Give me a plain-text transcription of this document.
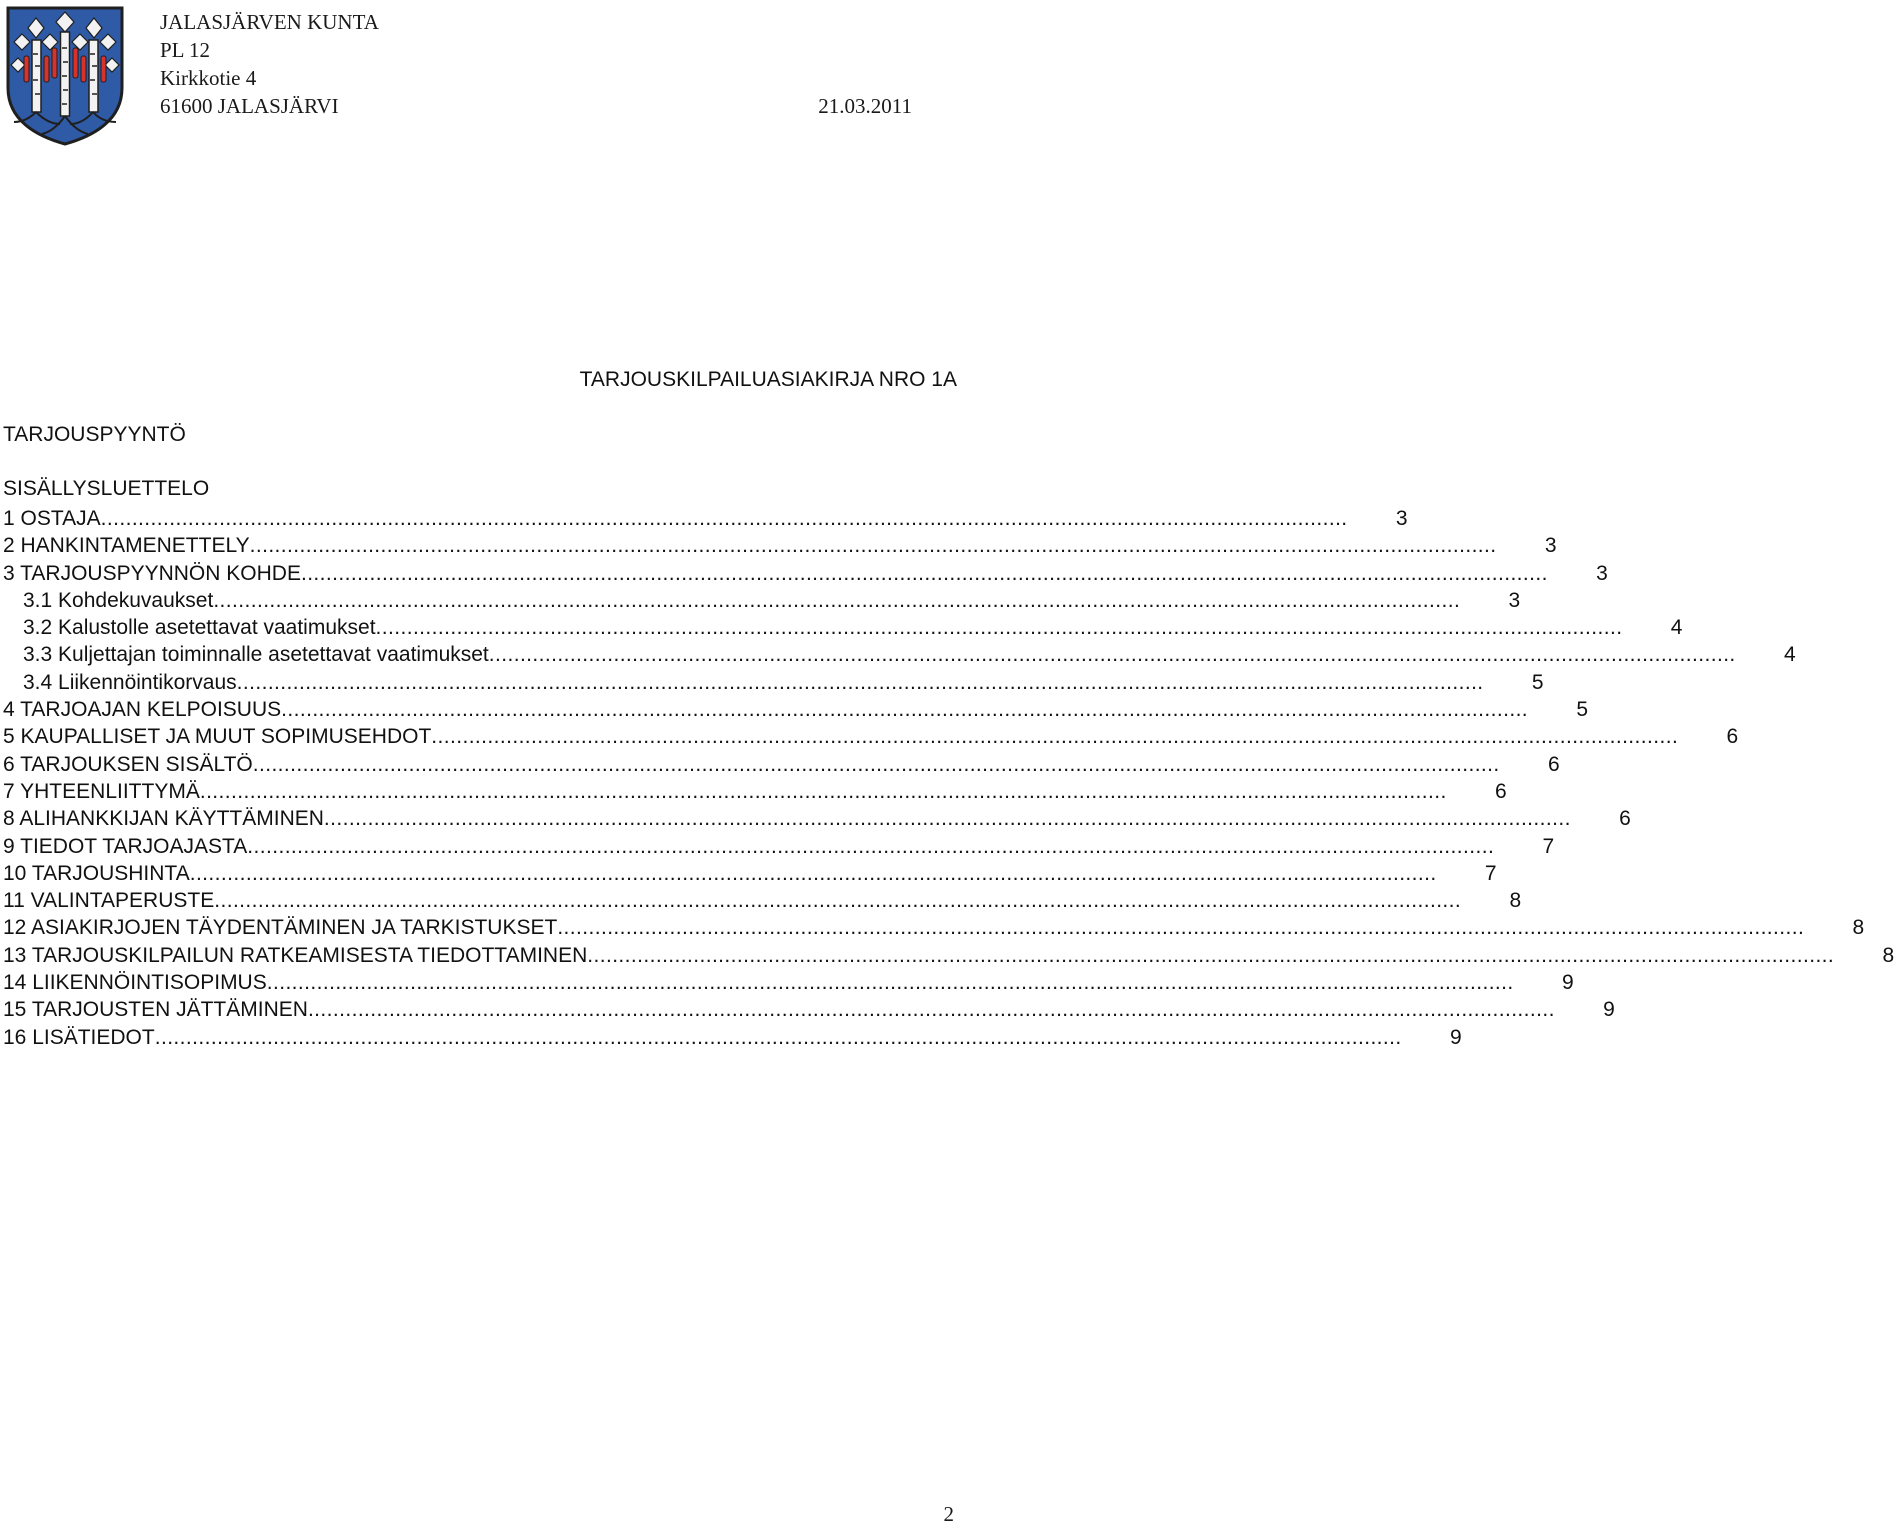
JALASJÄRVEN KUNTA
PL 12
Kirkkotie 4
61600 JALASJÄRVI	21.03.2011
TARJOUSKILPAILUASIAKIRJA NRO 1A
TARJOUSPYYNTÖ
SISÄLLYSLUETTELO
1 OSTAJA ........................................................................................................................................................................................................ 3
2 HANKINTAMENETTELY ........................................................................................................................................................................................................ 3
3 TARJOUSPYYNNÖN KOHDE ........................................................................................................................................................................................................ 3
3.1 Kohdekuvaukset ........................................................................................................................................................................................................ 3
3.2 Kalustolle asetettavat vaatimukset ........................................................................................................................................................................................................ 4
3.3 Kuljettajan toiminnalle asetettavat vaatimukset ........................................................................................................................................................................................................ 4
3.4 Liikennöintikorvaus ........................................................................................................................................................................................................ 5
4 TARJOAJAN KELPOISUUS ........................................................................................................................................................................................................ 5
5 KAUPALLISET JA MUUT SOPIMUSEHDOT ........................................................................................................................................................................................................ 6
6 TARJOUKSEN SISÄLTÖ ........................................................................................................................................................................................................ 6
7 YHTEENLIITTYMÄ ........................................................................................................................................................................................................ 6
8 ALIHANKKIJAN KÄYTTÄMINEN ........................................................................................................................................................................................................ 6
9 TIEDOT TARJOAJASTA ........................................................................................................................................................................................................ 7
10 TARJOUSHINTA ........................................................................................................................................................................................................ 7
11 VALINTAPERUSTE ........................................................................................................................................................................................................ 8
12 ASIAKIRJOJEN TÄYDENTÄMINEN JA TARKISTUKSET ........................................................................................................................................................................................................ 8
13 TARJOUSKILPAILUN RATKEAMISESTA TIEDOTTAMINEN ........................................................................................................................................................................................................ 8
14 LIIKENNÖINTISOPIMUS ........................................................................................................................................................................................................ 9
15 TARJOUSTEN JÄTTÄMINEN ........................................................................................................................................................................................................ 9
16 LISÄTIEDOT ........................................................................................................................................................................................................ 9
2
